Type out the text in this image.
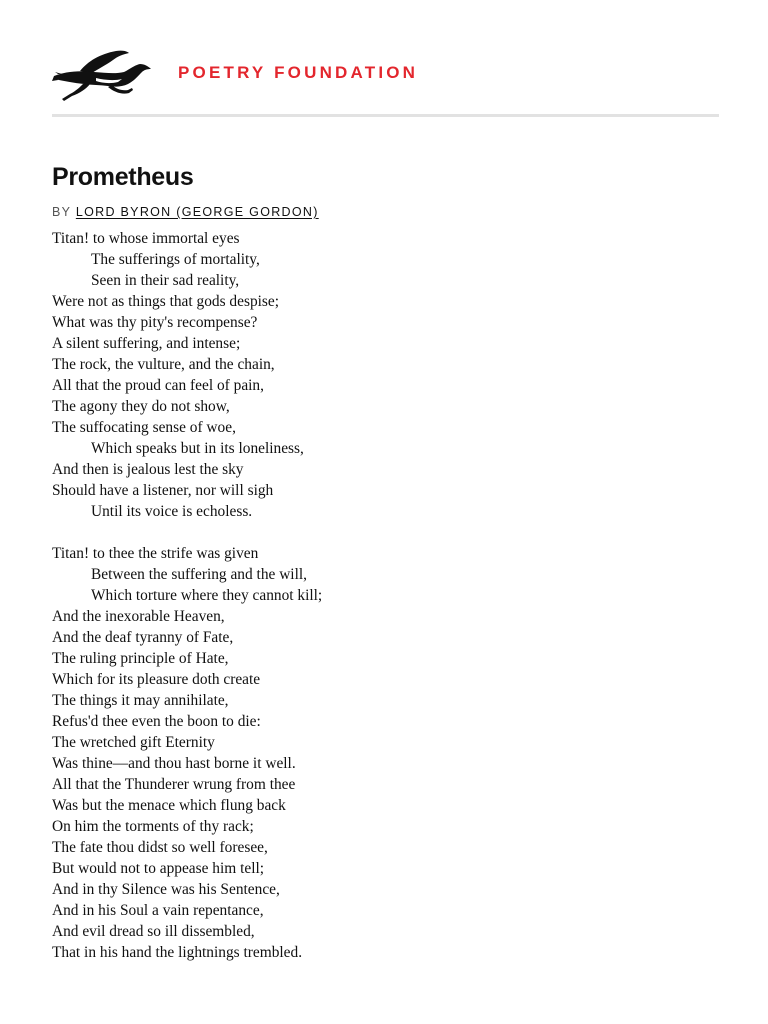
POETRY FOUNDATION
Prometheus
BY LORD BYRON (GEORGE GORDON)
Titan! to whose immortal eyes
The sufferings of mortality,
Seen in their sad reality,
Were not as things that gods despise;
What was thy pity's recompense?
A silent suffering, and intense;
The rock, the vulture, and the chain,
All that the proud can feel of pain,
The agony they do not show,
The suffocating sense of woe,
Which speaks but in its loneliness,
And then is jealous lest the sky
Should have a listener, nor will sigh
Until its voice is echoless.
Titan! to thee the strife was given
Between the suffering and the will,
Which torture where they cannot kill;
And the inexorable Heaven,
And the deaf tyranny of Fate,
The ruling principle of Hate,
Which for its pleasure doth create
The things it may annihilate,
Refus'd thee even the boon to die:
The wretched gift Eternity
Was thine—and thou hast borne it well.
All that the Thunderer wrung from thee
Was but the menace which flung back
On him the torments of thy rack;
The fate thou didst so well foresee,
But would not to appease him tell;
And in thy Silence was his Sentence,
And in his Soul a vain repentance,
And evil dread so ill dissembled,
That in his hand the lightnings trembled.
